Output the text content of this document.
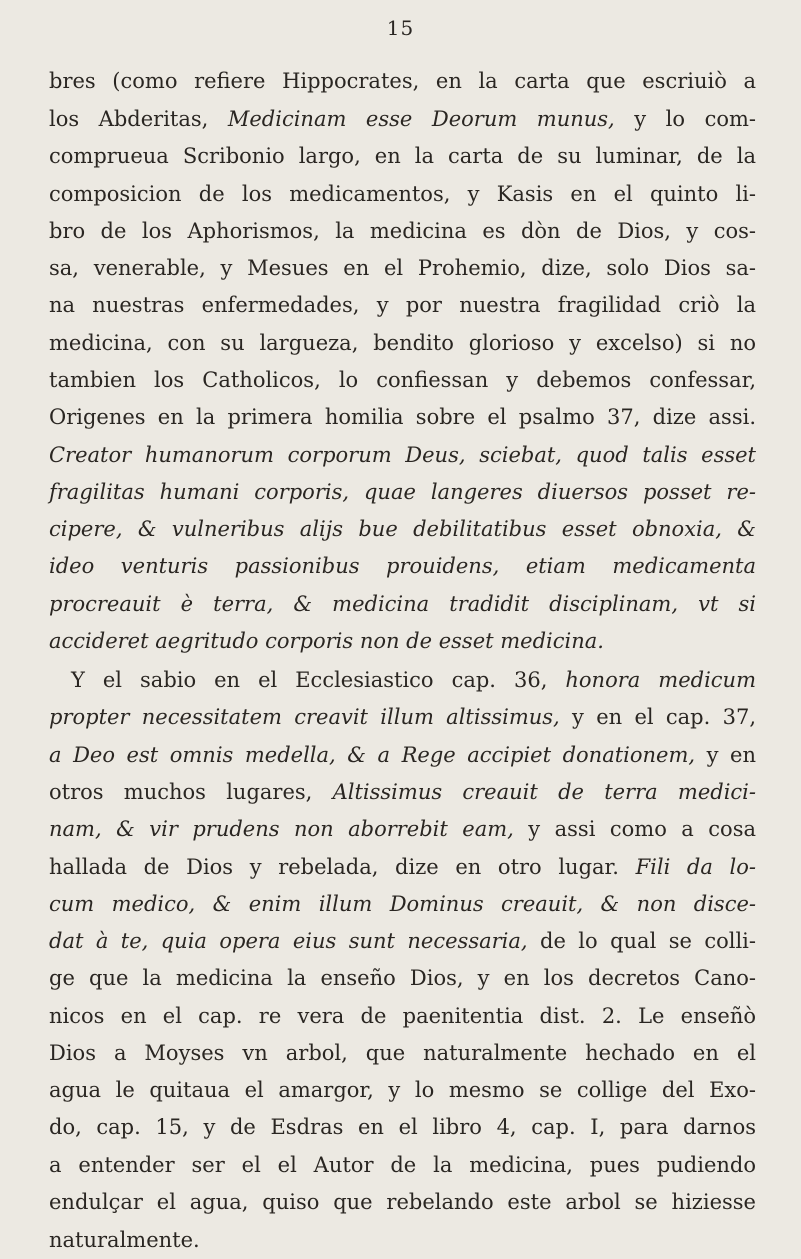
15
bres (como refiere Hippocrates, en la carta que escriuiò a
los Abderitas, Medicinam esse Deorum munus, y lo com-
comprueua Scribonio largo, en la carta de su luminar, de la
composicion de los medicamentos, y Kasis en el quinto li-
bro de los Aphorismos, la medicina es dòn de Dios, y cos-
sa, venerable, y Mesues en el Prohemio, dize, solo Dios sa-
na nuestras enfermedades, y por nuestra fragilidad criò la
medicina, con su largueza, bendito glorioso y excelso) si no
tambien los Catholicos, lo confiessan y debemos confessar,
Origenes en la primera homilia sobre el psalmo 37, dize assi.
Creator humanorum corporum Deus, sciebat, quod talis esset
fragilitas humani corporis, quae langeres diuersos posset re-
cipere, & vulneribus alijs bue debilitatibus esset obnoxia, &
ideo venturis passionibus prouidens, etiam medicamenta
procreauit è terra, & medicina tradidit disciplinam, vt si
accideret aegritudo corporis non de esset medicina.
Y el sabio en el Ecclesiastico cap. 36, honora medicum
propter necessitatem creavit illum altissimus, y en el cap. 37,
a Deo est omnis medella, & a Rege accipiet donationem, y en
otros muchos lugares, Altissimus creauit de terra medici-
nam, & vir prudens non aborrebit eam, y assi como a cosa
hallada de Dios y rebelada, dize en otro lugar. Fili da lo-
cum medico, & enim illum Dominus creauit, & non disce-
dat à te, quia opera eius sunt necessaria, de lo qual se colli-
ge que la medicina la enseño Dios, y en los decretos Cano-
nicos en el cap. re vera de paenitentia dist. 2. Le enseñò
Dios a Moyses vn arbol, que naturalmente hechado en el
agua le quitaua el amargor, y lo mesmo se collige del Exo-
do, cap. 15, y de Esdras en el libro 4, cap. I, para darnos
a entender ser el el Autor de la medicina, pues pudiendo
endulçar el agua, quiso que rebelando este arbol se hiziesse
naturalmente.
